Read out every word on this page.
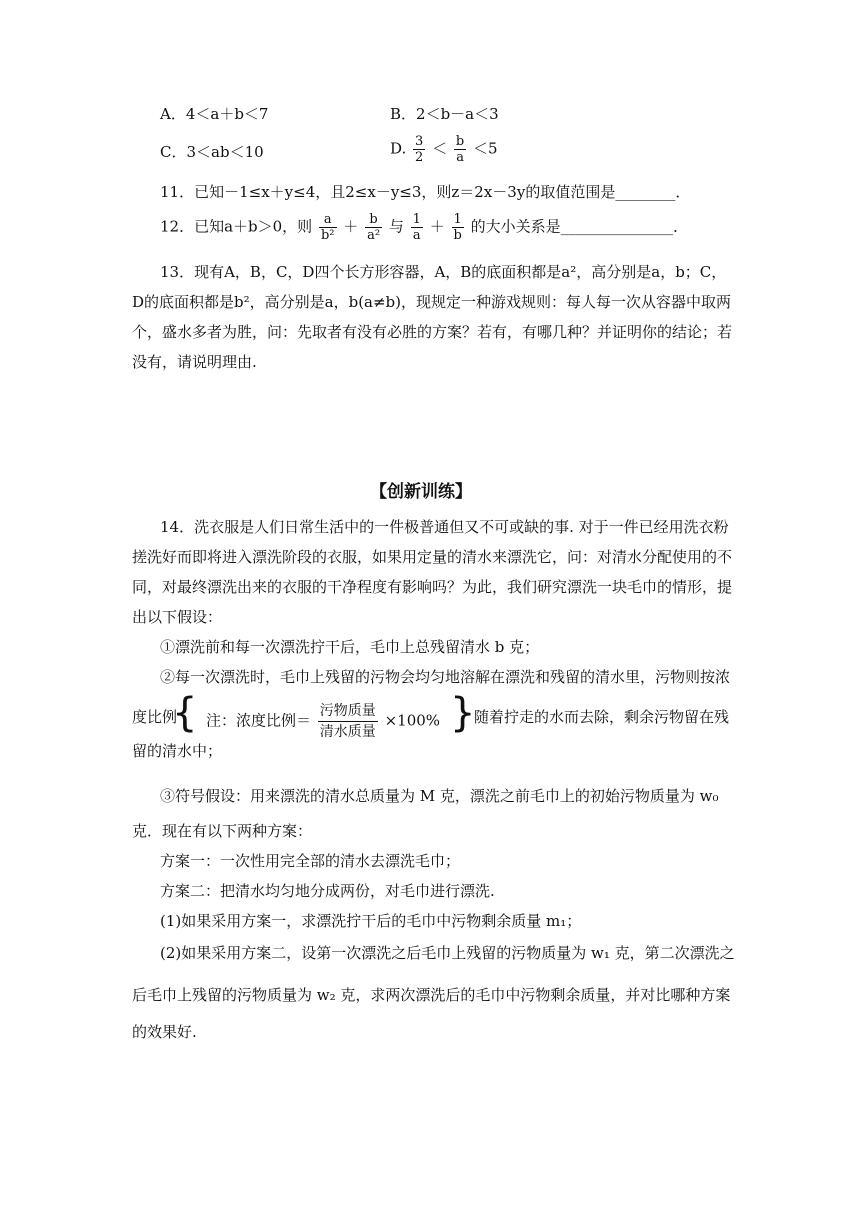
A．4＜a＋b＜7	B．2＜b－a＜3
C．3＜ab＜10	D. $\frac{3}{2} < \frac{b}{a} <5$
11．已知－1≤x＋y≤4，且2≤x－y≤3，则z＝2x－3y的取值范围是________．
12．已知a＋b＞0，则 $\frac{a}{\text{b²}} + \frac{b}{\text{a²}}$ 与 $\frac{1}{a} + \frac{1}{b}$ 的大小关系是_______________．
13．现有A，B，C，D四个长方形容器，A，B的底面积都是a²，高分别是a，b；C，
D的底面积都是b²，高分别是a，b(a≠b)，现规定一种游戏规则：每人每一次从容器中取两
个，盛水多者为胜，问：先取者有没有必胜的方案？若有，有哪几种？并证明你的结论；若
没有，请说明理由.
【创新训练】
14．洗衣服是人们日常生活中的一件极普通但又不可或缺的事. 对于一件已经用洗衣粉
搓洗好而即将进入漂洗阶段的衣服，如果用定量的清水来漂洗它，问：对清水分配使用的不
同，对最终漂洗出来的衣服的干净程度有影响吗？为此，我们研究漂洗一块毛巾的情形，提
出以下假设：
①漂洗前和每一次漂洗拧干后，毛巾上总残留清水 b 克；
②每一次漂洗时，毛巾上残留的污物会均匀地溶解在漂洗和残留的清水里，污物则按浓
度比例
{ 注：浓度比例＝ $\frac{\text{污物质量}}{\text{清水质量}} \times 100\%$ }
随着拧走的水而去除，剩余污物留在残
留的清水中；
③符号假设：用来漂洗的清水总质量为 M 克，漂洗之前毛巾上的初始污物质量为 w₀
克．现在有以下两种方案：
方案一：一次性用完全部的清水去漂洗毛巾；
方案二：把清水均匀地分成两份，对毛巾进行漂洗.
(1)如果采用方案一，求漂洗拧干后的毛巾中污物剩余质量 m₁；
(2)如果采用方案二，设第一次漂洗之后毛巾上残留的污物质量为 w₁ 克，第二次漂洗之
后毛巾上残留的污物质量为 w₂ 克，求两次漂洗后的毛巾中污物剩余质量，并对比哪种方案
的效果好.
